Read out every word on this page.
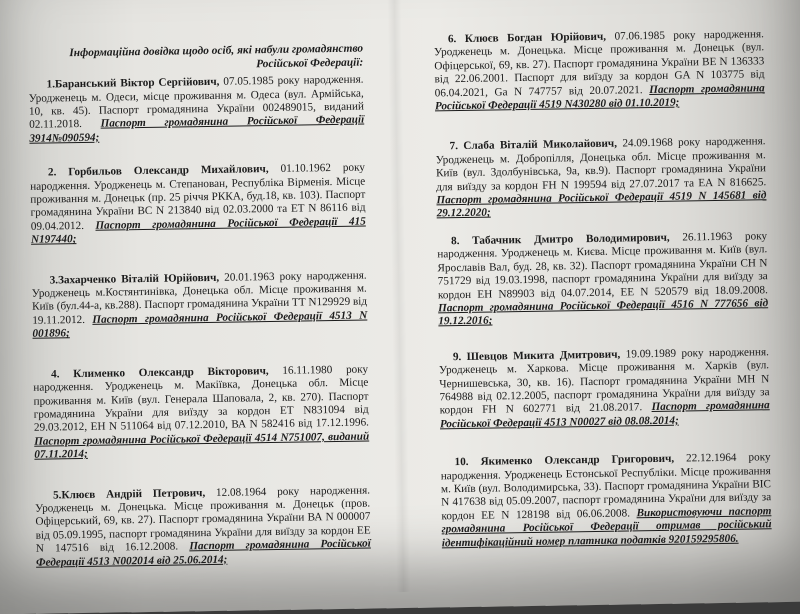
Інформаційна довідка щодо осіб, які набули громадянство
Російської Федерації:

1.Баранський Віктор Сергійович, 07.05.1985 року народження. Уродженець м. Одеси, місце проживання м. Одеса (вул. Армійська, 10, кв. 45). Паспорт громадянина України 002489015, виданий 02.11.2018. Паспорт громадянина Російської Федерації 3914№090594;

2. Горбильов Олександр Михайлович, 01.10.1962 року народження. Уродженець м. Степанован, Республіка Вірменія. Місце проживання м. Донецьк (пр. 25 річчя РККА, буд.18, кв. 103). Паспорт громадянина України ВС N 213840 від 02.03.2000 та ЕТ N 86116 від 09.04.2012. Паспорт громадянина Російської Федерації 415 N197440;

3.Захарченко Віталій Юрійович, 20.01.1963 року народження. Уродженець м.Костянтинівка, Донецька обл. Місце проживання м. Київ (бул.44-а, кв.288). Паспорт громадянина України ТТ N129929 від 19.11.2012. Паспорт громадянина Російської Федерації 4513 N 001896;

4. Клименко Олександр Вікторович, 16.11.1980 року народження. Уродженець м. Макіївка, Донецька обл. Місце проживання м. Київ (вул. Генерала Шаповала, 2, кв. 270). Паспорт громадянина України для виїзду за кордон ЕТ N831094 від 29.03.2012, ЕН N 511064 від 07.12.2010, ВА N 582416 від 17.12.1996. Паспорт громадянина Російської Федерації 4514 N751007, виданий 07.11.2014;

5.Клюєв Андрій Петрович, 12.08.1964 року народження. Уродженець м. Донецька. Місце проживання м. Донецьк (пров. Офіцерський, 69, кв. 27). Паспорт громадянина України ВА N 000007 від 05.09.1995, паспорт громадянина України для виїзду за кордон ЕЕ N 147516 від 16.12.2008. Паспорт громадянина Російської Федерації 4513 N002014 від 25.06.2014;

6. Клюєв Богдан Юрійович, 07.06.1985 року народження. Уродженець м. Донецька. Місце проживання м. Донецьк (вул. Офіцерської, 69, кв. 27). Паспорт громадянина України ВЕ N 136333 від 22.06.2001. Паспорт для виїзду за кордон GA N 103775 від 06.04.2021, Ga N 747757 від 20.07.2021. Паспорт громадянина Російської Федерації 4519 N430280 від 01.10.2019;

7. Слаба Віталій Миколайович, 24.09.1968 року народження. Уродженець м. Добропілля, Донецька обл. Місце проживання м. Київ (вул. Здолбунівська, 9а, кв.9). Паспорт громадянина України для виїзду за кордон FH N 199594 від 27.07.2017 та ЕА N 816625. Паспорт громадянина Російської Федерації 4519 N 145681 від 29.12.2020;

8. Табачник Дмитро Володимирович, 26.11.1963 року народження. Уродженець м. Києва. Місце проживання м. Київ (вул. Ярославів Вал, буд. 28, кв. 32). Паспорт громадянина України СН N 751729 від 19.03.1998, паспорт громадянина України для виїзду за кордон ЕН N89903 від 04.07.2014, ЕЕ N 520579 від 18.09.2008. Паспорт громадянина Російської Федерації 4516 N 777656 від 19.12.2016;

9. Шевцов Микита Дмитрович, 19.09.1989 року народження. Уродженець м. Харкова. Місце проживання м. Харків (вул. Чернишевська, 30, кв. 16). Паспорт громадянина України МН N 764988 від 02.12.2005, паспорт громадянина України для виїзду за кордон FH N 602771 від 21.08.2017. Паспорт громадянина Російської Федерації 4513 N00027 від 08.08.2014;

10. Якименко Олександр Григорович, 22.12.1964 року народження. Уродженець Естонської Республіки. Місце проживання м. Київ (вул. Володимирська, 33). Паспорт громадянина України ВІС N 417638 від 05.09.2007, паспорт громадянина України для виїзду за кордон ЕЕ N 128198 від 06.06.2008. Використовуючи паспорт громадянина Російської Федерації отримав російський ідентифікаційний номер платника податків 920159295806.
